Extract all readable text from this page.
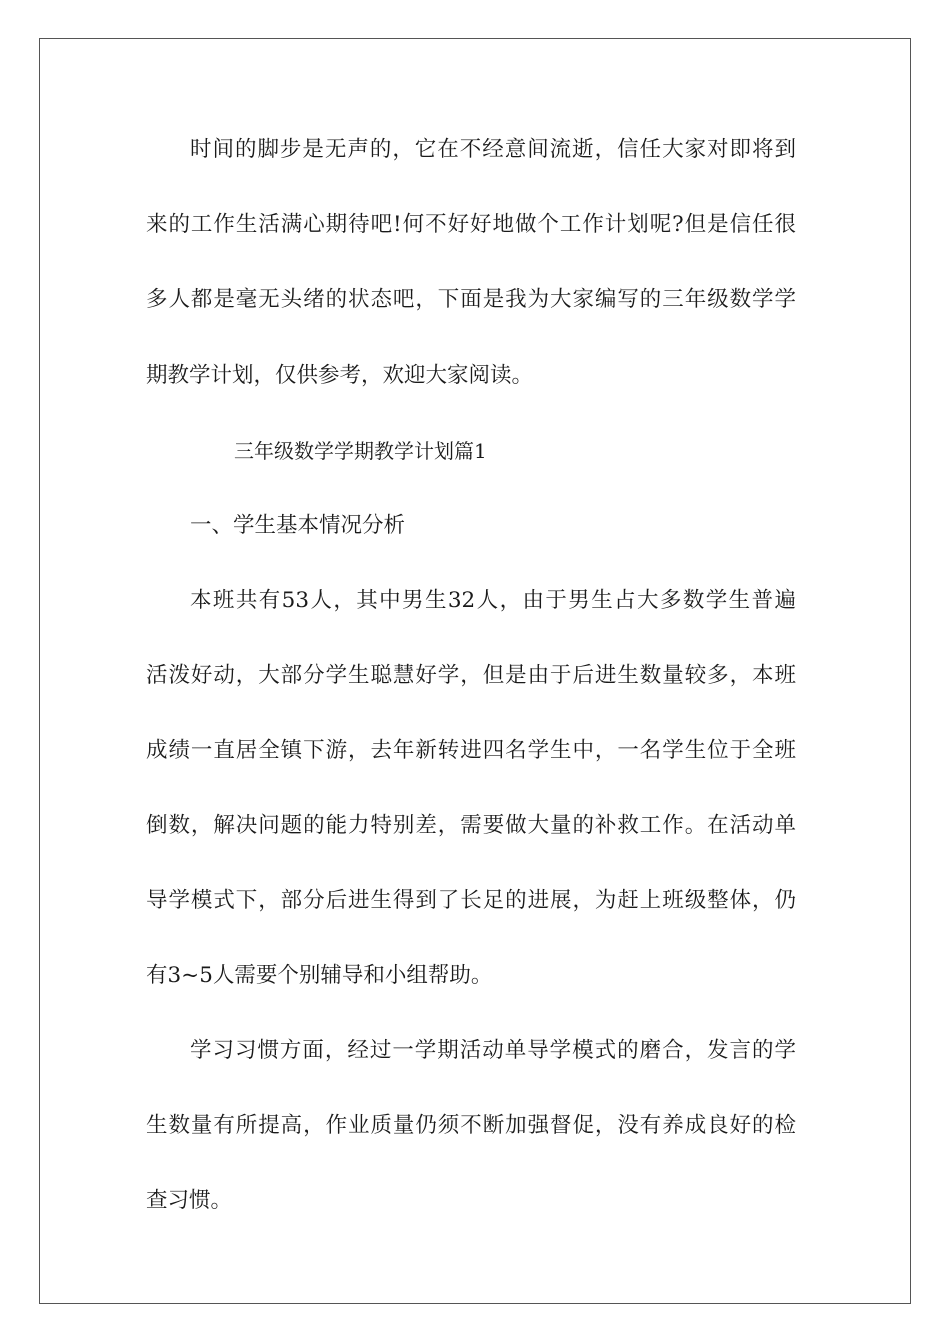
时间的脚步是无声的，它在不经意间流逝，信任大家对即将到

来的工作生活满心期待吧!何不好好地做个工作计划呢?但是信任很

多人都是毫无头绪的状态吧，下面是我为大家编写的三年级数学学

期教学计划，仅供参考，欢迎大家阅读。

三年级数学学期教学计划篇1

一、学生基本情况分析

本班共有53人，其中男生32人，由于男生占大多数学生普遍

活泼好动，大部分学生聪慧好学，但是由于后进生数量较多，本班

成绩一直居全镇下游，去年新转进四名学生中，一名学生位于全班

倒数，解决问题的能力特别差，需要做大量的补救工作。在活动单

导学模式下，部分后进生得到了长足的进展，为赶上班级整体，仍

有3~5人需要个别辅导和小组帮助。

学习习惯方面，经过一学期活动单导学模式的磨合，发言的学

生数量有所提高，作业质量仍须不断加强督促，没有养成良好的检

查习惯。
